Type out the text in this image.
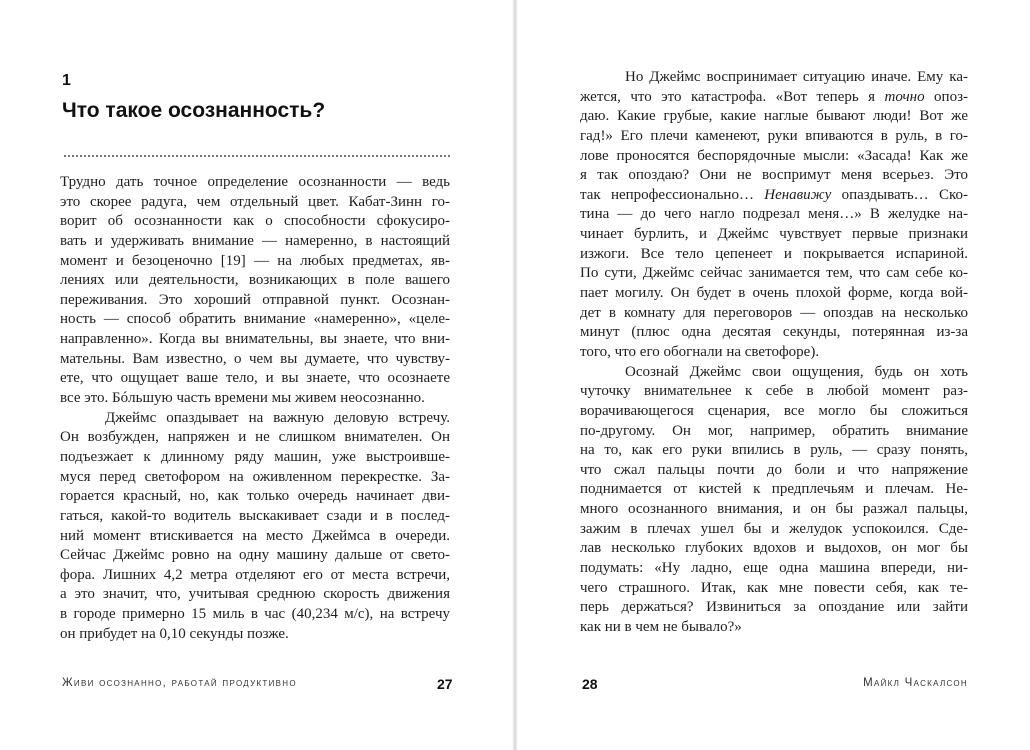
1
Что такое осознанность?
Трудно дать точное определение осознанности — ведь
это скорее радуга, чем отдельный цвет. Кабат-Зинн го-
ворит об осознанности как о способности сфокусиро-
вать и удерживать внимание — намеренно, в настоящий
момент и безоценочно [19] — на любых предметах, яв-
лениях или деятельности, возникающих в поле вашего
переживания. Это хороший отправной пункт. Осознан-
ность — способ обратить внимание «намеренно», «целе-
направленно». Когда вы внимательны, вы знаете, что вни-
мательны. Вам известно, о чем вы думаете, что чувству-
ете, что ощущает ваше тело, и вы знаете, что осознаете
все это. Бóльшую часть времени мы живем неосознанно.
Джеймс опаздывает на важную деловую встречу.
Он возбужден, напряжен и не слишком внимателен. Он
подъезжает к длинному ряду машин, уже выстроивше-
муся перед светофором на оживленном перекрестке. За-
горается красный, но, как только очередь начинает дви-
гаться, какой-то водитель выскакивает сзади и в послед-
ний момент втискивается на место Джеймса в очереди.
Сейчас Джеймс ровно на одну машину дальше от свето-
фора. Лишних 4,2 метра отделяют его от места встречи,
а это значит, что, учитывая среднюю скорость движения
в городе примерно 15 миль в час (40,234 м/с), на встречу
он прибудет на 0,10 секунды позже.
Живи осознанно, работай продуктивно	27
Но Джеймс воспринимает ситуацию иначе. Ему ка-
жется, что это катастрофа. «Вот теперь я точно опоз-
даю. Какие грубые, какие наглые бывают люди! Вот же
гад!» Его плечи каменеют, руки впиваются в руль, в го-
лове проносятся беспорядочные мысли: «Засада! Как же
я так опоздаю? Они не воспримут меня всерьез. Это
так непрофессионально… Ненавижу опаздывать… Ско-
тина — до чего нагло подрезал меня…» В желудке на-
чинает бурлить, и Джеймс чувствует первые признаки
изжоги. Все тело цепенеет и покрывается испариной.
По сути, Джеймс сейчас занимается тем, что сам себе ко-
пает могилу. Он будет в очень плохой форме, когда вой-
дет в комнату для переговоров — опоздав на несколько
минут (плюс одна десятая секунды, потерянная из-за
того, что его обогнали на светофоре).
Осознай Джеймс свои ощущения, будь он хоть
чуточку внимательнее к себе в любой момент раз-
ворачивающегося сценария, все могло бы сложиться
по-другому. Он мог, например, обратить внимание
на то, как его руки впились в руль, — сразу понять,
что сжал пальцы почти до боли и что напряжение
поднимается от кистей к предплечьям и плечам. Не-
много осознанного внимания, и он бы разжал пальцы,
зажим в плечах ушел бы и желудок успокоился. Сде-
лав несколько глубоких вдохов и выдохов, он мог бы
подумать: «Ну ладно, еще одна машина впереди, ни-
чего страшного. Итак, как мне повести себя, как те-
перь держаться? Извиниться за опоздание или зайти
как ни в чем не бывало?»
28	Майкл Часкалсон
